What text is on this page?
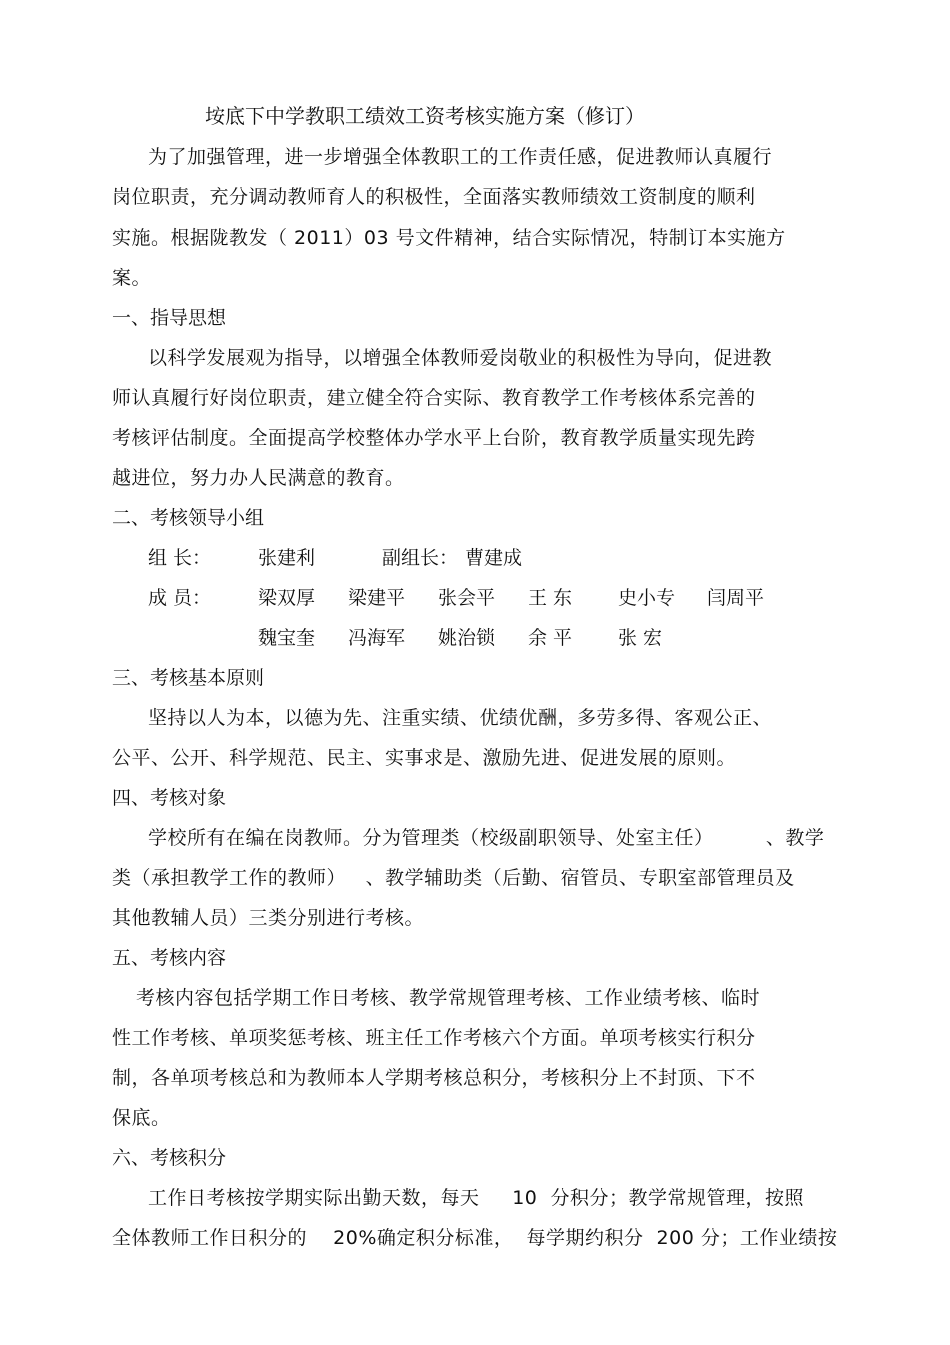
垵底下中学教职工绩效工资考核实施方案（修订）
为了加强管理，进一步增强全体教职工的工作责任感，促进教师认真履行
岗位职责，充分调动教师育人的积极性，全面落实教师绩效工资制度的顺利
实施。根据陇教发（ 2011）03 号文件精神，结合实际情况，特制订本实施方
案。
一、指导思想
以科学发展观为指导，以增强全体教师爱岗敬业的积极性为导向，促进教
师认真履行好岗位职责，建立健全符合实际、教育教学工作考核体系完善的
考核评估制度。全面提高学校整体办学水平上台阶，教育教学质量实现先跨
越进位，努力办人民满意的教育。
二、考核领导小组
组 长： 张建利	副组长： 曹建成
成 员： 梁双厚 梁建平 张会平 王 东 史小专 闫周平
魏宝奎 冯海军 姚治锁 余 平 张 宏
三、考核基本原则
坚持以人为本，以德为先、注重实绩、优绩优酬，多劳多得、客观公正、
公平、公开、科学规范、民主、实事求是、激励先进、促进发展的原则。
四、考核对象
学校所有在编在岗教师。分为管理类（校级副职领导、处室主任）        、教学
类（承担教学工作的教师）   、教学辅助类（后勤、宿管员、专职室部管理员及
其他教辅人员）三类分别进行考核。
五、考核内容
考核内容包括学期工作日考核、教学常规管理考核、工作业绩考核、临时
性工作考核、单项奖惩考核、班主任工作考核六个方面。单项考核实行积分
制，各单项考核总和为教师本人学期考核总积分，考核积分上不封顶、下不
保底。
六、考核积分
工作日考核按学期实际出勤天数，每天     10  分积分；教学常规管理，按照
全体教师工作日积分的    20%确定积分标准，  每学期约积分  200 分；工作业绩按
